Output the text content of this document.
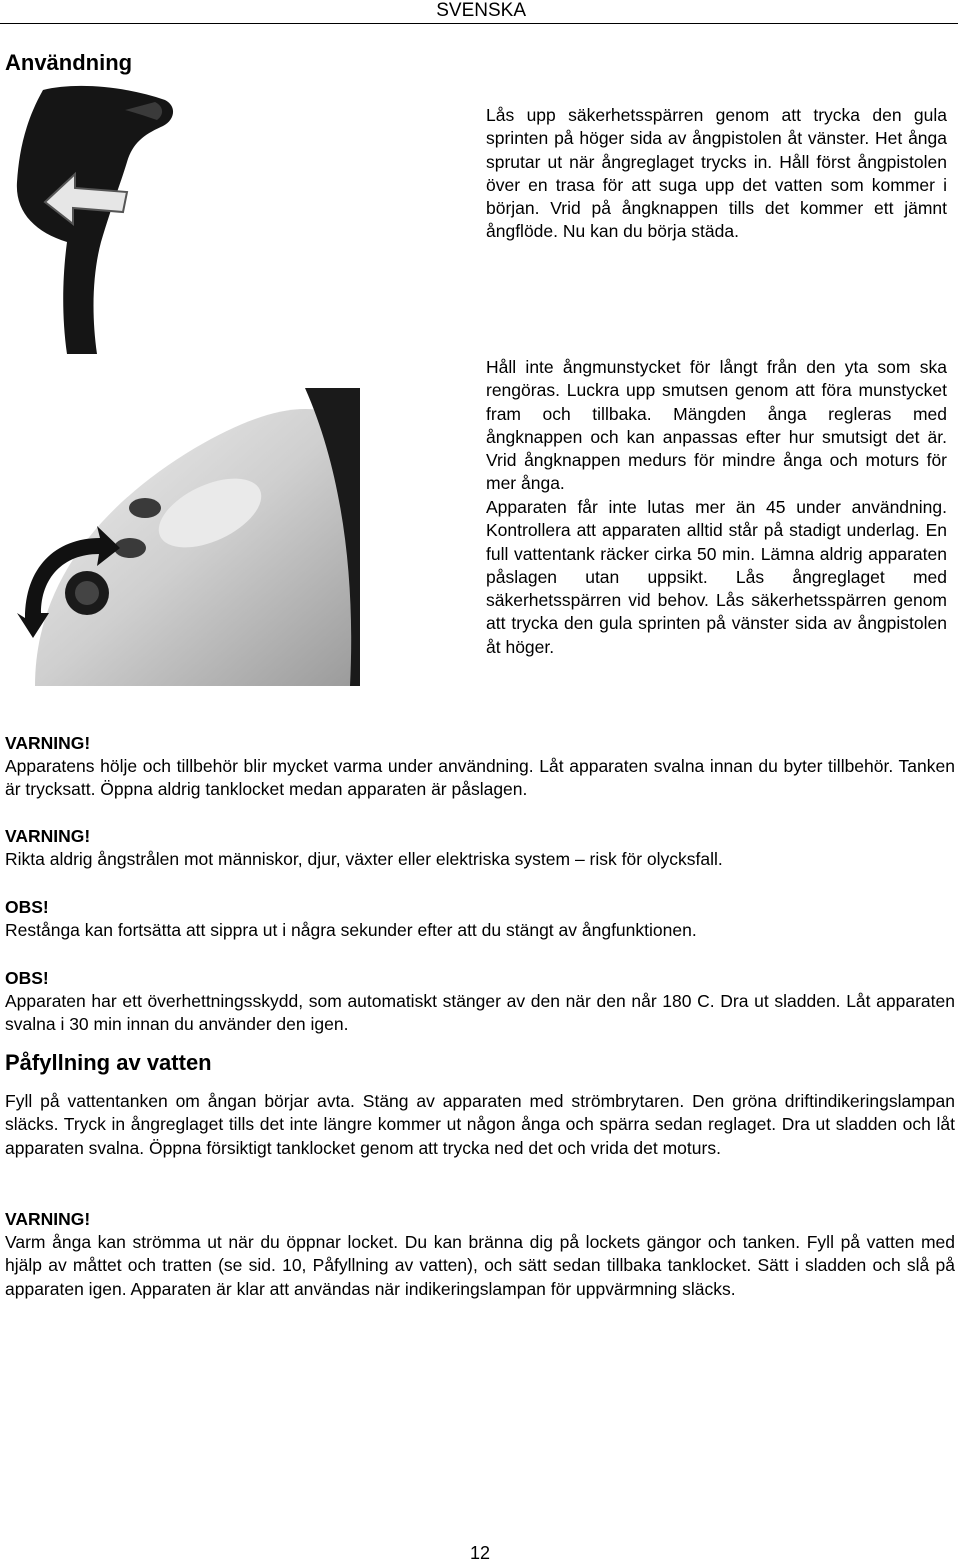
SVENSKA
Användning

Lås upp säkerhetsspärren genom att trycka den gula sprinten på höger sida av ångpistolen åt vänster. Het ånga sprutar ut när ångreglaget trycks in. Håll först ångpistolen över en trasa för att suga upp det vatten som kommer i början. Vrid på ångknappen tills det kommer ett jämnt ångflöde. Nu kan du börja städa.

Håll inte ångmunstycket för långt från den yta som ska rengöras. Luckra upp smutsen genom att föra munstycket fram och tillbaka. Mängden ånga regleras med ångknappen och kan anpassas efter hur smutsigt det är. Vrid ångknappen medurs för mindre ånga och moturs för mer ånga.

Apparaten får inte lutas mer än 45 under användning. Kontrollera att apparaten alltid står på stadigt underlag. En full vattentank räcker cirka 50 min. Lämna aldrig apparaten påslagen utan uppsikt. Lås ångreglaget med säkerhetsspärren vid behov. Lås säkerhetsspärren genom att trycka den gula sprinten på vänster sida av ångpistolen åt höger.

VARNING!

Apparatens hölje och tillbehör blir mycket varma under användning. Låt apparaten svalna innan du byter tillbehör. Tanken är trycksatt. Öppna aldrig tanklocket medan apparaten är påslagen.

VARNING!

Rikta aldrig ångstrålen mot människor, djur, växter eller elektriska system – risk för olycksfall.

OBS!

Restånga kan fortsätta att sippra ut i några sekunder efter att du stängt av ångfunktionen.

OBS!

Apparaten har ett överhettningsskydd, som automatiskt stänger av den när den når 180 C. Dra ut sladden. Låt apparaten svalna i 30 min innan du använder den igen.

Påfyllning av vatten

Fyll på vattentanken om ångan börjar avta. Stäng av apparaten med strömbrytaren. Den gröna driftindikeringslampan släcks. Tryck in ångreglaget tills det inte längre kommer ut någon ånga och spärra sedan reglaget. Dra ut sladden och låt apparaten svalna. Öppna försiktigt tanklocket genom att trycka ned det och vrida det moturs.

VARNING!

Varm ånga kan strömma ut när du öppnar locket. Du kan bränna dig på lockets gängor och tanken. Fyll på vatten med hjälp av måttet och tratten (se sid. 10, Påfyllning av vatten), och sätt sedan tillbaka tanklocket. Sätt i sladden och slå på apparaten igen. Apparaten är klar att användas när indikeringslampan för uppvärmning släcks.

12
